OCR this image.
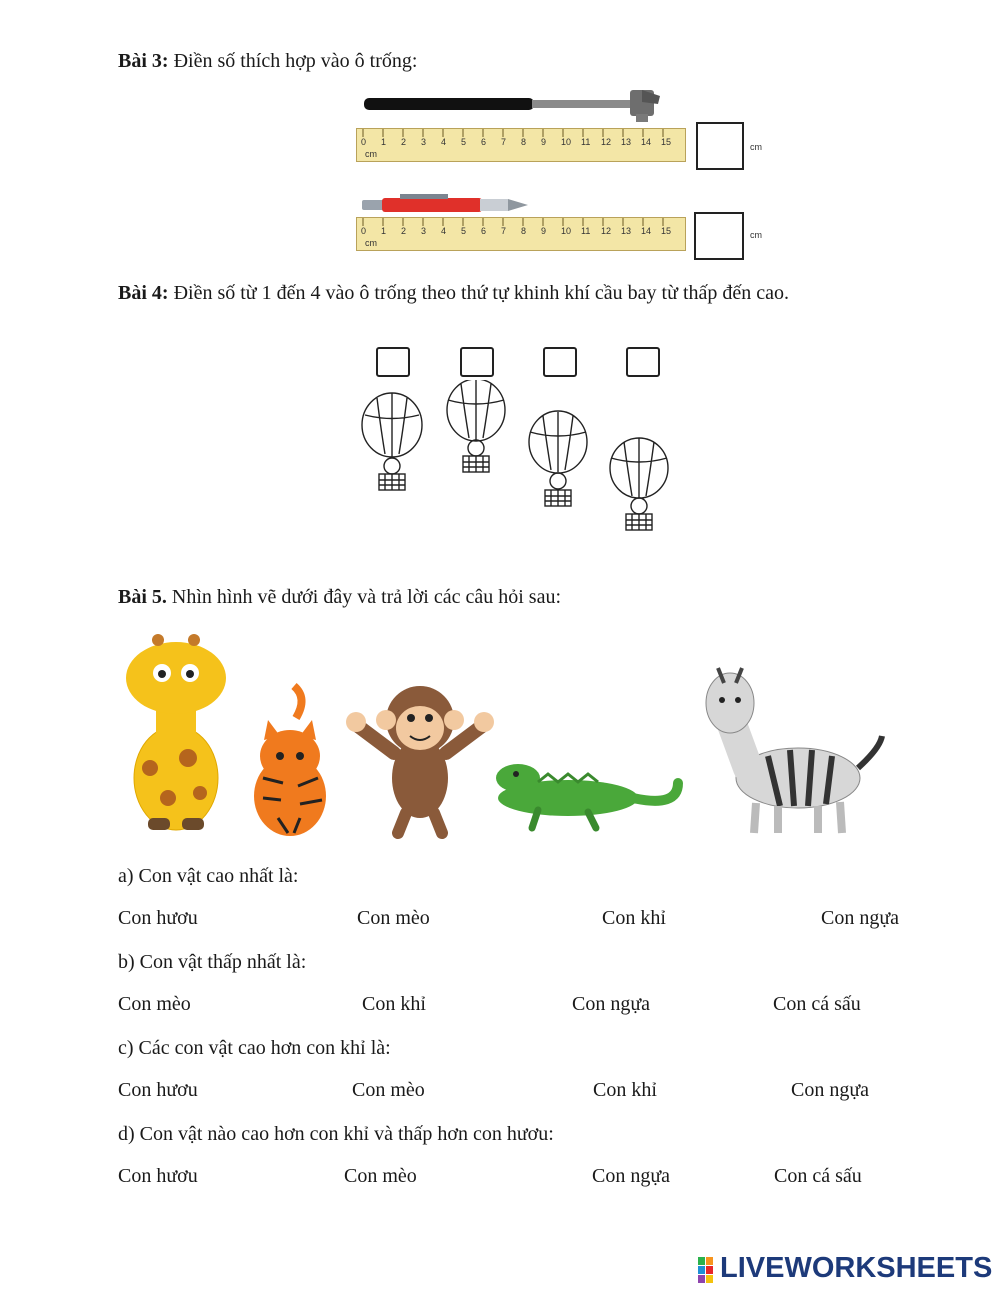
Bài 3: Điền số thích hợp vào ô trống:
cm
0 1 2 3 4 5 6 7 8 9 10 11 12 13 14 15	cm
cm
0 1 2 3 4 5 6 7 8 9 10 11 12 13 14 15	cm
Bài 4: Điền số từ 1 đến 4 vào ô trống theo thứ tự khinh khí cầu bay từ thấp đến cao.
Bài 5. Nhìn hình vẽ dưới đây và trả lời các câu hỏi sau:
a) Con vật cao nhất là:
Con hươu	Con mèo	Con khỉ	Con ngựa
b) Con vật thấp nhất là:
Con mèo	Con khỉ	Con ngựa	Con cá sấu
c) Các con vật cao hơn con khỉ là:
Con hươu	Con mèo	Con khỉ	Con ngựa
d) Con vật nào cao hơn con khỉ và thấp hơn con hươu:
Con hươu	Con mèo	Con ngựa	Con cá sấu
LIVEWORKSHEETS
